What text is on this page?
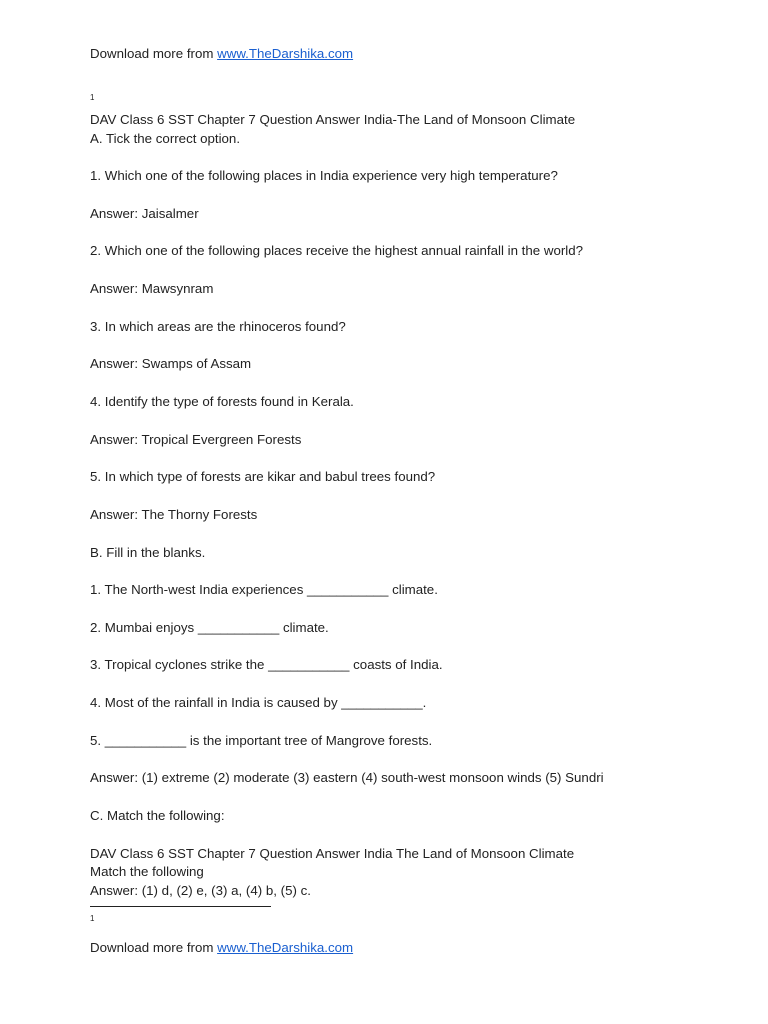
Download more from www.TheDarshika.com
1
DAV Class 6 SST Chapter 7 Question Answer India-The Land of Monsoon Climate
A. Tick the correct option.
1. Which one of the following places in India experience very high temperature?
Answer: Jaisalmer
2. Which one of the following places receive the highest annual rainfall in the world?
Answer: Mawsynram
3. In which areas are the rhinoceros found?
Answer: Swamps of Assam
4. Identify the type of forests found in Kerala.
Answer: Tropical Evergreen Forests
5. In which type of forests are kikar and babul trees found?
Answer: The Thorny Forests
B. Fill in the blanks.
1. The North-west India experiences ___________ climate.
2. Mumbai enjoys ___________ climate.
3. Tropical cyclones strike the ___________ coasts of India.
4. Most of the rainfall in India is caused by ___________.
5. ___________ is the important tree of Mangrove forests.
Answer: (1) extreme (2) moderate (3) eastern (4) south-west monsoon winds (5) Sundri
C. Match the following:
DAV Class 6 SST Chapter 7 Question Answer India The Land of Monsoon Climate
Match the following
Answer: (1) d, (2) e, (3) a, (4) b, (5) c.
1
Download more from www.TheDarshika.com
